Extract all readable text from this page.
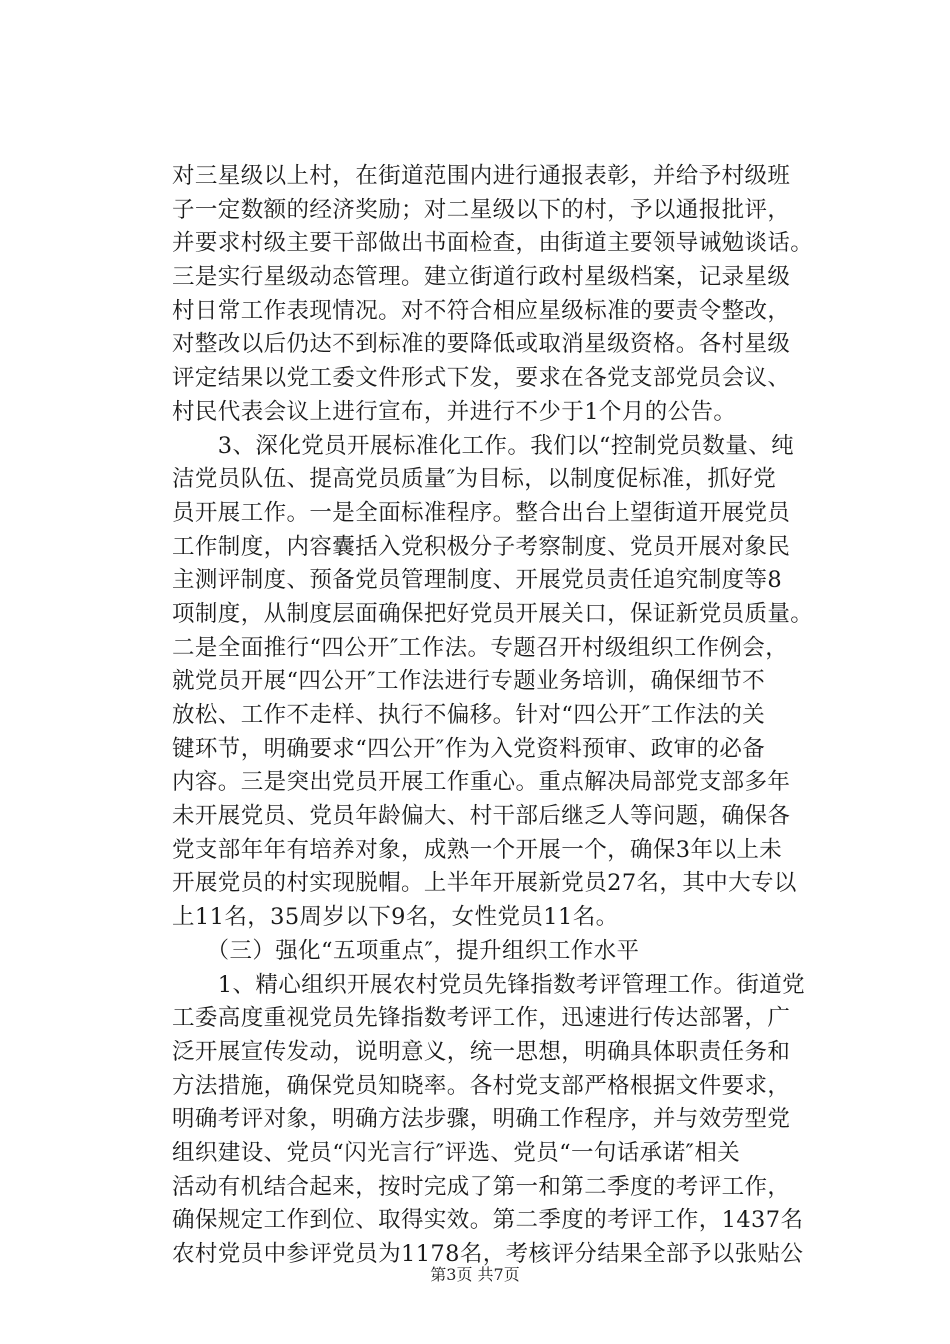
对三星级以上村，在街道范围内进行通报表彰，并给予村级班
子一定数额的经济奖励；对二星级以下的村，予以通报批评，
并要求村级主要干部做出书面检查，由街道主要领导诫勉谈话。
三是实行星级动态管理。建立街道行政村星级档案，记录星级
村日常工作表现情况。对不符合相应星级标准的要责令整改，
对整改以后仍达不到标准的要降低或取消星级资格。各村星级
评定结果以党工委文件形式下发，要求在各党支部党员会议、
村民代表会议上进行宣布，并进行不少于1个月的公告。
　　3、深化党员开展标准化工作。我们以“控制党员数量、纯
洁党员队伍、提高党员质量″为目标，以制度促标准，抓好党
员开展工作。一是全面标准程序。整合出台上望街道开展党员
工作制度，内容囊括入党积极分子考察制度、党员开展对象民
主测评制度、预备党员管理制度、开展党员责任追究制度等8
项制度，从制度层面确保把好党员开展关口，保证新党员质量。
二是全面推行“四公开″工作法。专题召开村级组织工作例会，
就党员开展“四公开″工作法进行专题业务培训，确保细节不
放松、工作不走样、执行不偏移。针对“四公开″工作法的关
键环节，明确要求“四公开″作为入党资料预审、政审的必备
内容。三是突出党员开展工作重心。重点解决局部党支部多年
未开展党员、党员年龄偏大、村干部后继乏人等问题，确保各
党支部年年有培养对象，成熟一个开展一个，确保3年以上未
开展党员的村实现脱帽。上半年开展新党员27名，其中大专以
上11名，35周岁以下9名，女性党员11名。
　　（三）强化“五项重点″，提升组织工作水平
　　1、精心组织开展农村党员先锋指数考评管理工作。街道党
工委高度重视党员先锋指数考评工作，迅速进行传达部署，广
泛开展宣传发动，说明意义，统一思想，明确具体职责任务和
方法措施，确保党员知晓率。各村党支部严格根据文件要求，
明确考评对象，明确方法步骤，明确工作程序，并与效劳型党
组织建设、党员“闪光言行″评选、党员“一句话承诺″相关
活动有机结合起来，按时完成了第一和第二季度的考评工作，
确保规定工作到位、取得实效。第二季度的考评工作，1437名
农村党员中参评党员为1178名，考核评分结果全部予以张贴公
第3页 共7页
